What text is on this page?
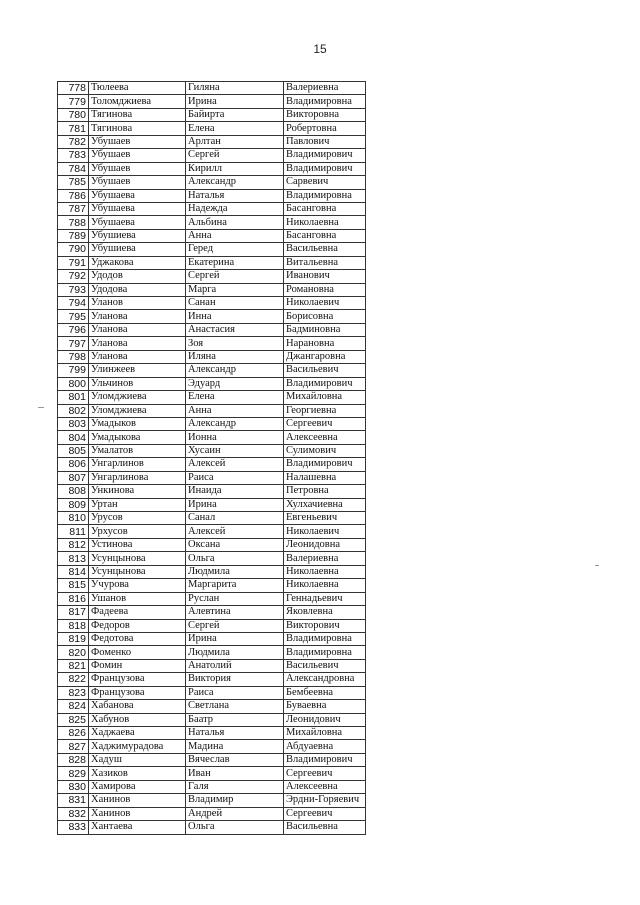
15
778	Тюлеева	Гиляна	Валериевна
779	Толомджиева	Ирина	Владимировна
780	Тягинова	Байирта	Викторовна
781	Тягинова	Елена	Робертовна
782	Убушаев	Арлтан	Павлович
783	Убушаев	Сергей	Владимирович
784	Убушаев	Кирилл	Владимирович
785	Убушаев	Александр	Сарвевич
786	Убушаева	Наталья	Владимировна
787	Убушаева	Надежда	Басанговна
788	Убушаева	Альбина	Николаевна
789	Убушиева	Анна	Басанговна
790	Убушиева	Геред	Васильевна
791	Уджакова	Екатерина	Витальевна
792	Удодов	Сергей	Иванович
793	Удодова	Марга	Романовна
794	Уланов	Санан	Николаевич
795	Уланова	Инна	Борисовна
796	Уланова	Анастасия	Бадминовна
797	Уланова	Зоя	Нарановна
798	Уланова	Иляна	Джангаровна
799	Улинжеев	Александр	Васильевич
800	Ульчинов	Эдуард	Владимирович
801	Уломджиева	Елена	Михайловна
802	Уломджиева	Анна	Георгиевна
803	Умадыков	Александр	Сергеевич
804	Умадыкова	Ионна	Алексеевна
805	Умалатов	Хусаин	Сулимович
806	Унгарлинов	Алексей	Владимирович
807	Унгарлинова	Раиса	Налашевна
808	Ункинова	Инаида	Петровна
809	Уртан	Ирина	Хулхачиевна
810	Урусов	Санал	Евгеньевич
811	Урхусов	Алексей	Николаевич
812	Устинова	Оксана	Леонидовна
813	Усунцынова	Ольга	Валериевна
814	Усунцынова	Людмила	Николаевна
815	Учурова	Маргарита	Николаевна
816	Ушанов	Руслан	Геннадьевич
817	Фадеева	Алевтина	Яковлевна
818	Федоров	Сергей	Викторович
819	Федотова	Ирина	Владимировна
820	Фоменко	Людмила	Владимировна
821	Фомин	Анатолий	Васильевич
822	Французова	Виктория	Александровна
823	Французова	Раиса	Бембеевна
824	Хабанова	Светлана	Буваевна
825	Хабунов	Баатр	Леонидович
826	Хаджаева	Наталья	Михайловна
827	Хаджимурадова	Мадина	Абдуаевна
828	Хадуш	Вячеслав	Владимирович
829	Хазиков	Иван	Сергеевич
830	Хамирова	Галя	Алексеевна
831	Ханинов	Владимир	Эрдни-Горяевич
832	Ханинов	Андрей	Сергеевич
833	Хантаева	Ольга	Васильевна
